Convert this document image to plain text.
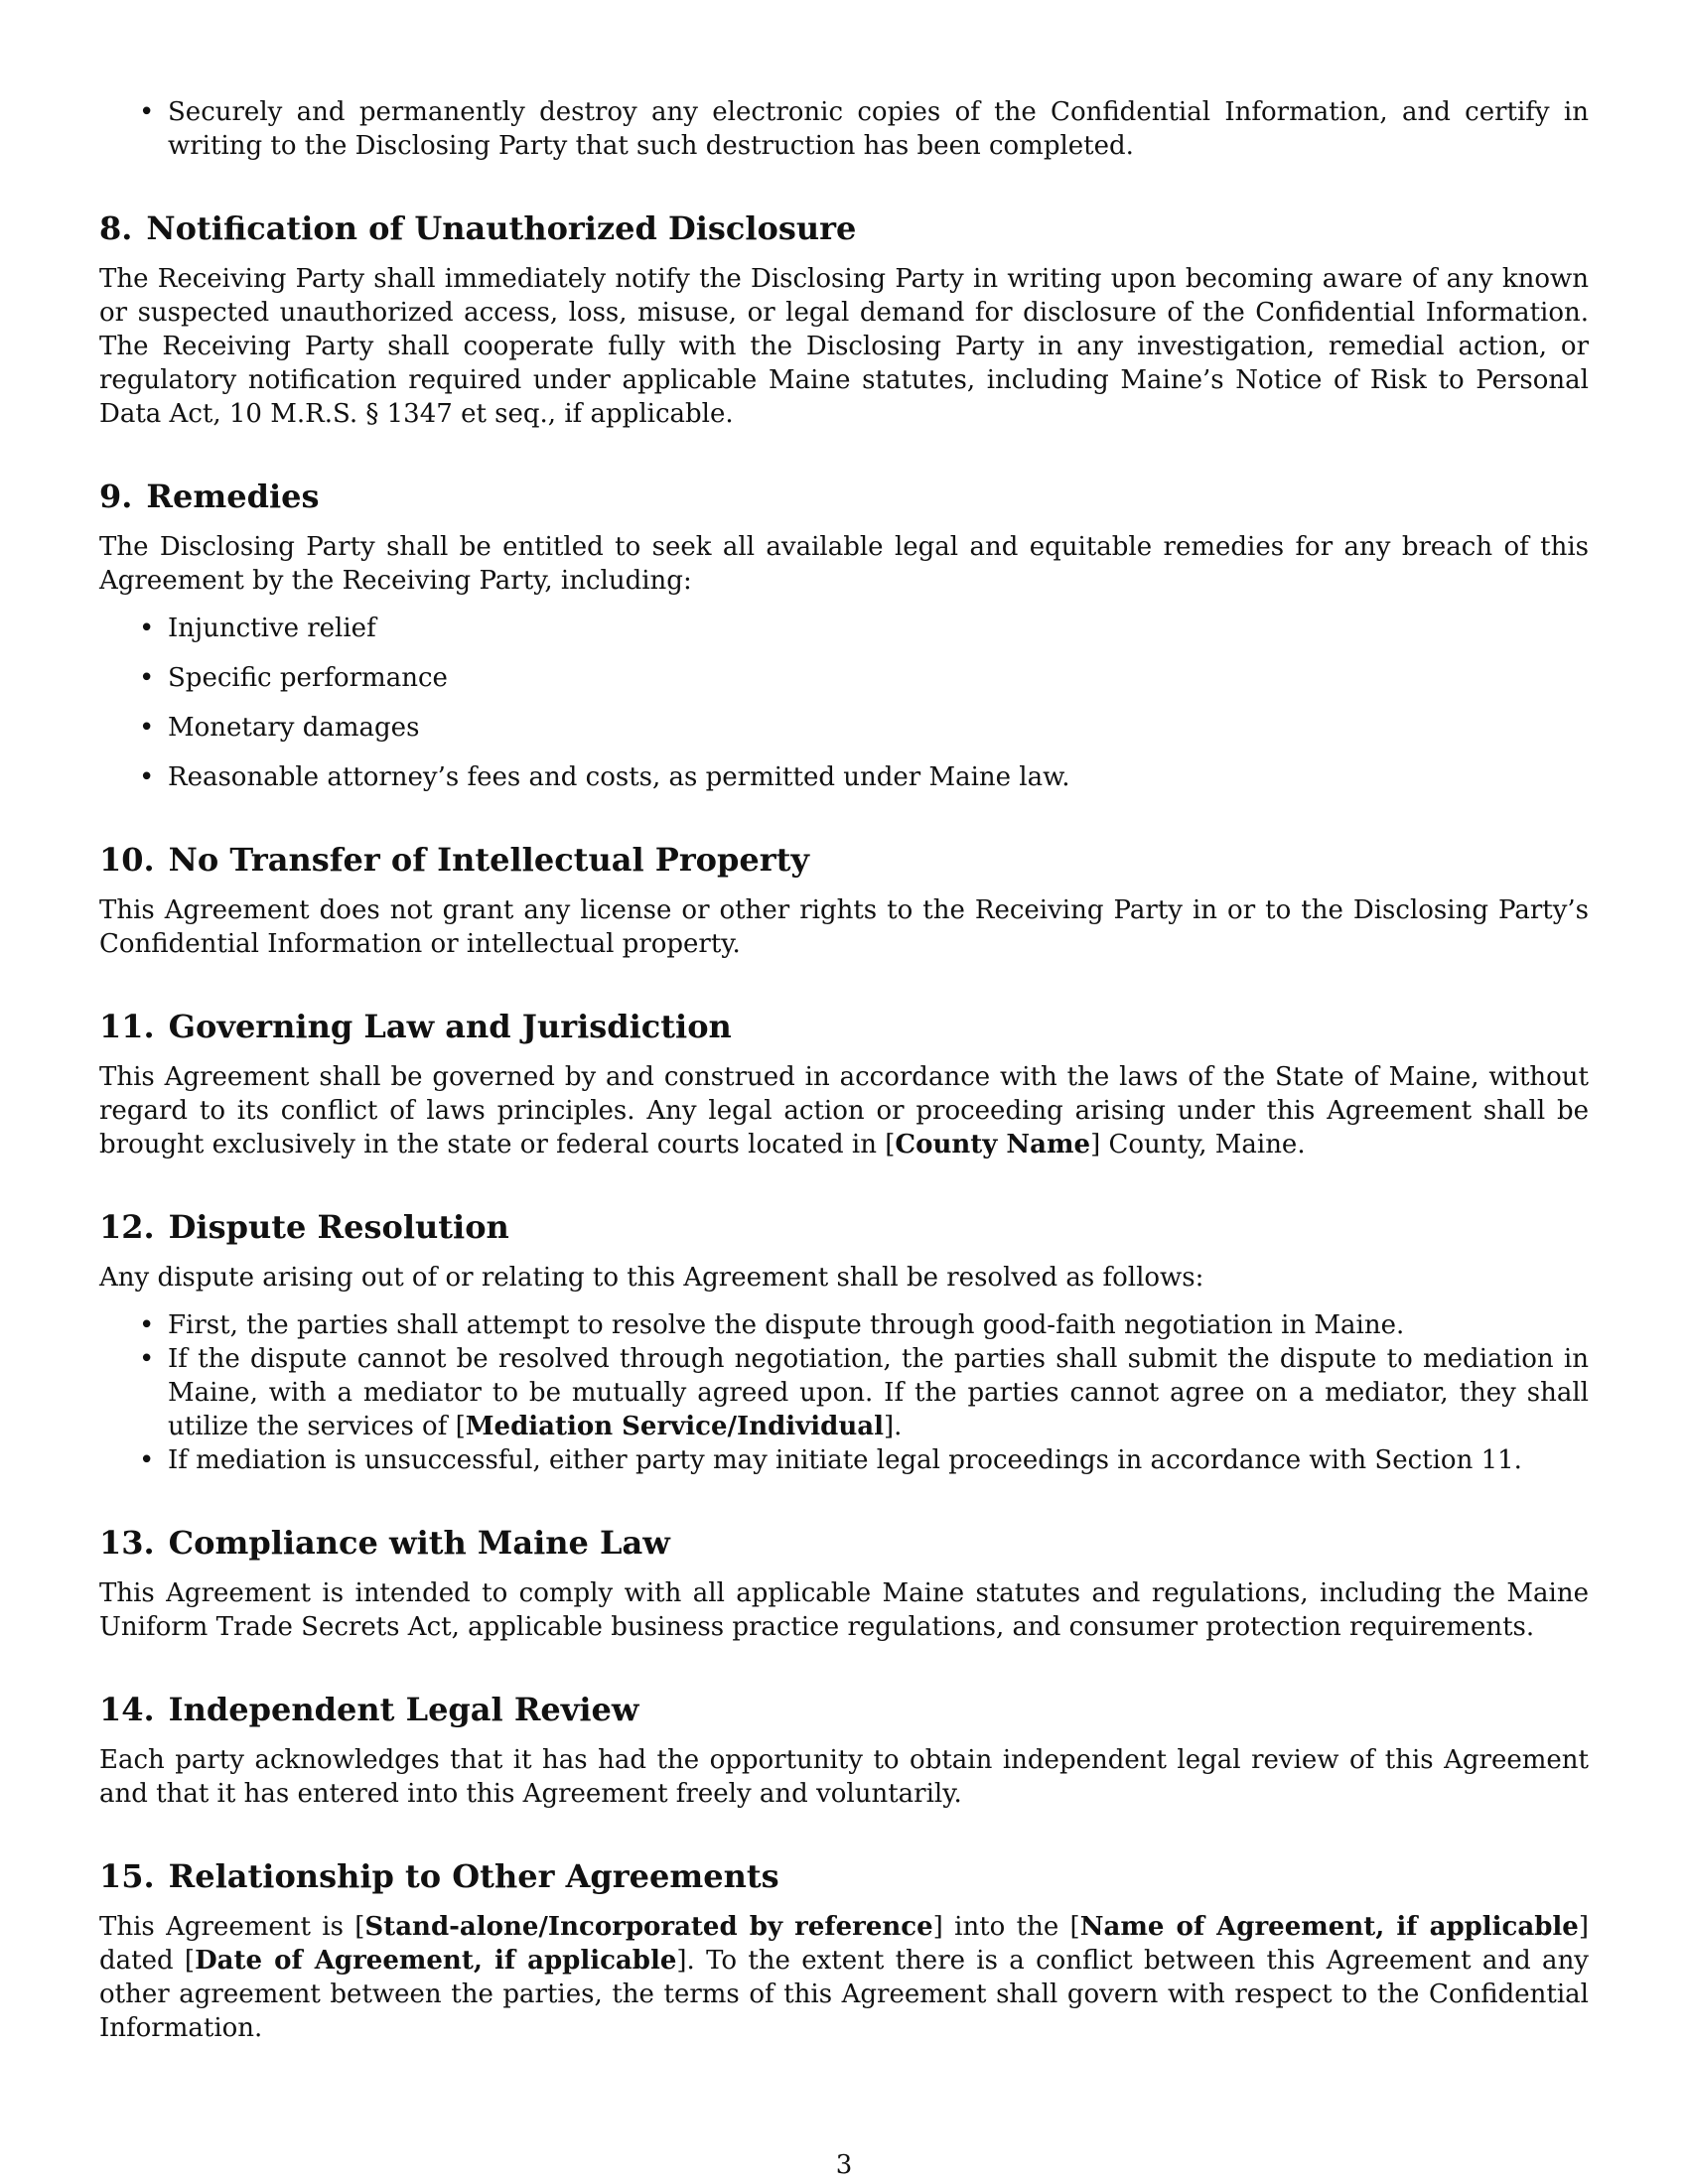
• Securely and permanently destroy any electronic copies of the Confidential Information, and certify in writing to the Disclosing Party that such destruction has been completed.
8. Notification of Unauthorized Disclosure

The Receiving Party shall immediately notify the Disclosing Party in writing upon becoming aware of any known or suspected unauthorized access, loss, misuse, or legal demand for disclosure of the Confidential Information. The Receiving Party shall cooperate fully with the Disclosing Party in any investigation, remedial action, or regulatory notification required under applicable Maine statutes, including Maine’s Notice of Risk to Personal Data Act, 10 M.R.S. § 1347 et seq., if applicable.

9. Remedies

The Disclosing Party shall be entitled to seek all available legal and equitable remedies for any breach of this Agreement by the Receiving Party, including:

• Injunctive relief
• Specific performance
• Monetary damages
• Reasonable attorney’s fees and costs, as permitted under Maine law.
10. No Transfer of Intellectual Property

This Agreement does not grant any license or other rights to the Receiving Party in or to the Disclosing Party’s Confidential Information or intellectual property.

11. Governing Law and Jurisdiction

This Agreement shall be governed by and construed in accordance with the laws of the State of Maine, without regard to its conflict of laws principles. Any legal action or proceeding arising under this Agreement shall be brought exclusively in the state or federal courts located in [County Name] County, Maine.

12. Dispute Resolution

Any dispute arising out of or relating to this Agreement shall be resolved as follows:

• First, the parties shall attempt to resolve the dispute through good-faith negotiation in Maine.
• If the dispute cannot be resolved through negotiation, the parties shall submit the dispute to mediation in Maine, with a mediator to be mutually agreed upon. If the parties cannot agree on a mediator, they shall utilize the services of [Mediation Service/Individual].
• If mediation is unsuccessful, either party may initiate legal proceedings in accordance with Section 11.
13. Compliance with Maine Law

This Agreement is intended to comply with all applicable Maine statutes and regulations, including the Maine Uniform Trade Secrets Act, applicable business practice regulations, and consumer protection requirements.

14. Independent Legal Review

Each party acknowledges that it has had the opportunity to obtain independent legal review of this Agreement and that it has entered into this Agreement freely and voluntarily.

15. Relationship to Other Agreements

This Agreement is [Stand-alone/Incorporated by reference] into the [Name of Agreement, if applicable] dated [Date of Agreement, if applicable]. To the extent there is a conflict between this Agreement and any other agreement between the parties, the terms of this Agreement shall govern with respect to the Confidential Information.

3
